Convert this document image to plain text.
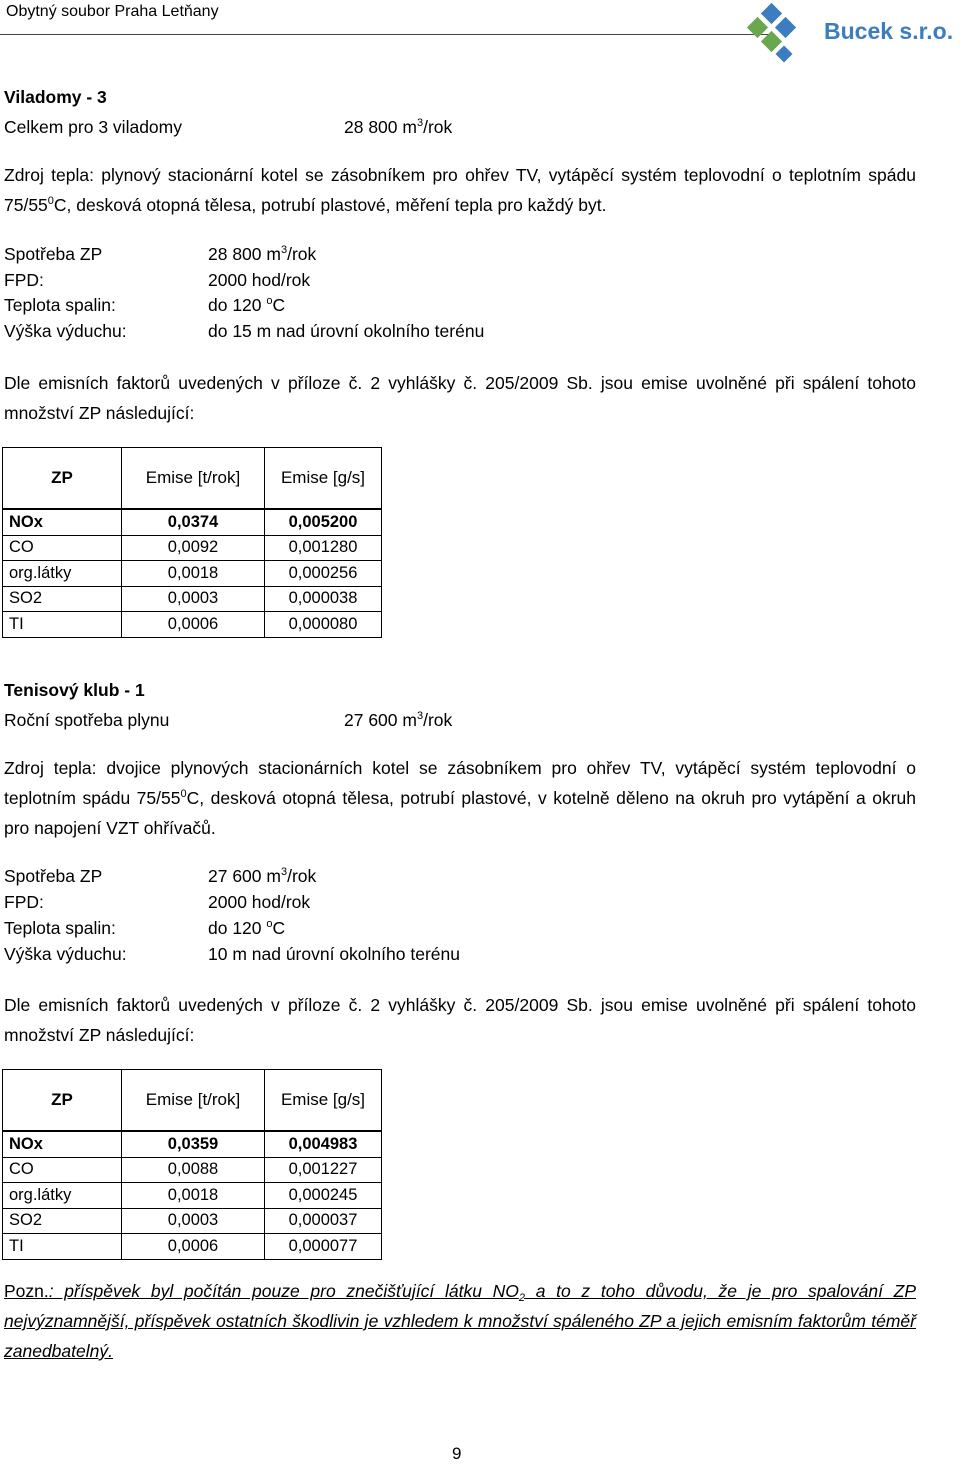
Obytný soubor Praha Letňany
Bucek s.r.o.
Viladomy - 3
Celkem pro 3 viladomy	28 800 $m^3$/rok
Zdroj tepla: plynový stacionární kotel se zásobníkem pro ohřev TV, vytápěcí systém teplovodní o teplotním spádu $75/55^0C$, desková otopná tělesa, potrubí plastové, měření tepla pro každý byt.
Spotřeba ZP	28 800 $m^3$/rok
FPD:	2000 hod/rok
Teplota spalin:	do 120 $^o$C
Výška výduchu:	do 15 m nad úrovní okolního terénu
Dle emisních faktorů uvedených v příloze č. 2 vyhlášky č. 205/2009 Sb. jsou emise uvolněné při spálení tohoto množství ZP následující:
ZP	Emise [t/rok]	Emise [g/s]
NOx	0,0374	0,005200
CO	0,0092	0,001280
org.látky	0,0018	0,000256
SO2	0,0003	0,000038
TI	0,0006	0,000080
Tenisový klub - 1
Roční spotřeba plynu	27 600 $m^3$/rok
Zdroj tepla: dvojice plynových stacionárních kotel se zásobníkem pro ohřev TV, vytápěcí systém teplovodní o teplotním spádu $75/55^0C$, desková otopná tělesa, potrubí plastové, v kotelně děleno na okruh pro vytápění a okruh pro napojení VZT ohřívačů.
Spotřeba ZP	27 600 $m^3$/rok
FPD:	2000 hod/rok
Teplota spalin:	do 120 $^o$C
Výška výduchu:	10 m nad úrovní okolního terénu
Dle emisních faktorů uvedených v příloze č. 2 vyhlášky č. 205/2009 Sb. jsou emise uvolněné při spálení tohoto množství ZP následující:
ZP	Emise [t/rok]	Emise [g/s]
NOx	0,0359	0,004983
CO	0,0088	0,001227
org.látky	0,0018	0,000245
SO2	0,0003	0,000037
TI	0,0006	0,000077
Pozn.: příspěvek byl počítán pouze pro znečišťující látku $NO_2$ a to z toho důvodu, že je pro spalování ZP nejvýznamnější, příspěvek ostatních škodlivin je vzhledem k množství spáleného ZP a jejich emisním faktorům téměř zanedbatelný.
9
